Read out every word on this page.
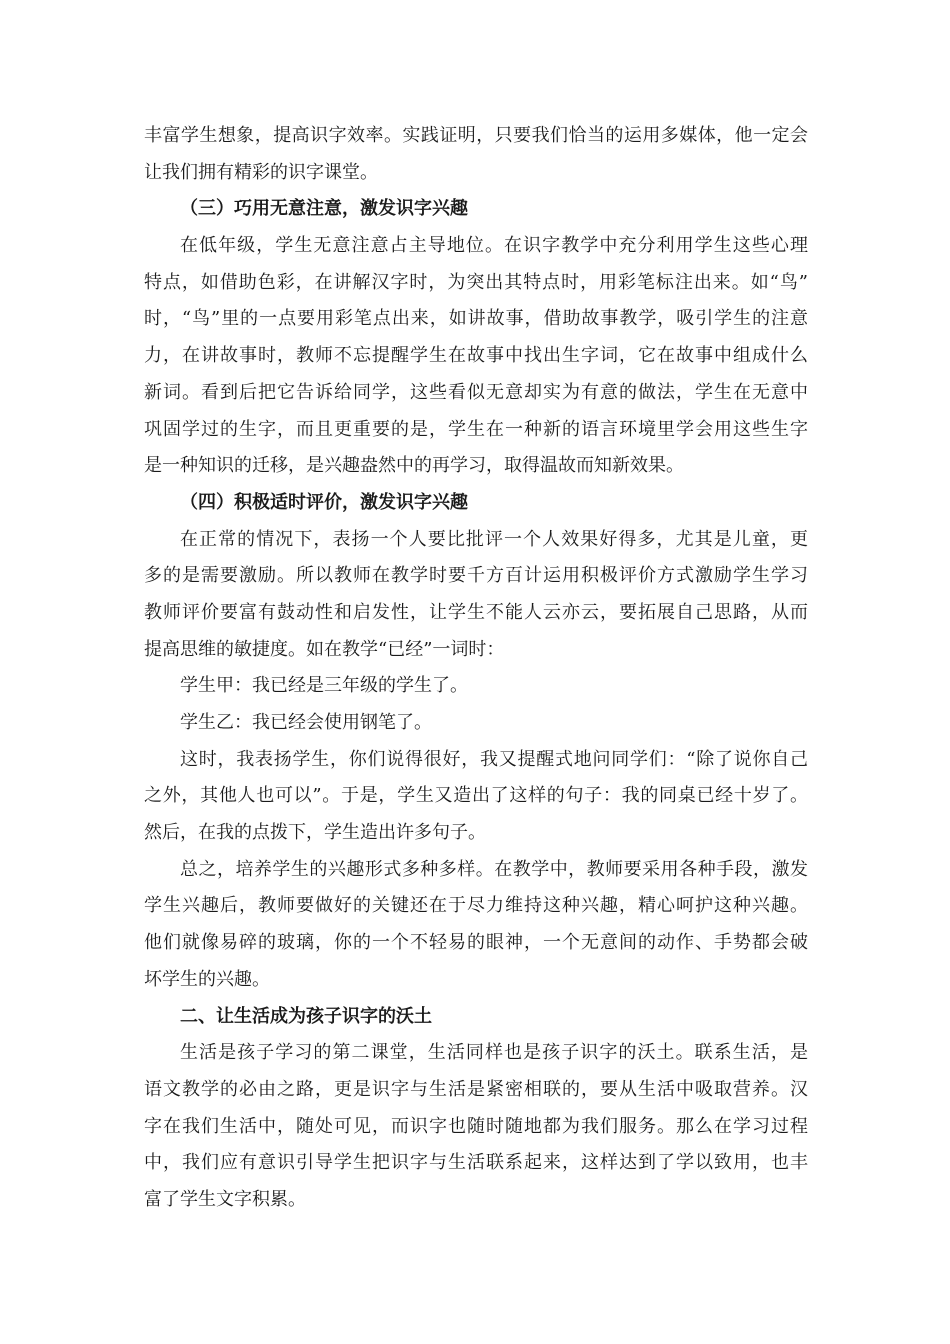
丰富学生想象，提高识字效率。实践证明，只要我们恰当的运用多媒体，他一定会
让我们拥有精彩的识字课堂。
（三）巧用无意注意，激发识字兴趣
在低年级，学生无意注意占主导地位。在识字教学中充分利用学生这些心理
特点，如借助色彩，在讲解汉字时，为突出其特点时，用彩笔标注出来。如“鸟”
时，“鸟”里的一点要用彩笔点出来，如讲故事，借助故事教学，吸引学生的注意
力，在讲故事时，教师不忘提醒学生在故事中找出生字词，它在故事中组成什么
新词。看到后把它告诉给同学，这些看似无意却实为有意的做法，学生在无意中
巩固学过的生字，而且更重要的是，学生在一种新的语言环境里学会用这些生字
是一种知识的迁移，是兴趣盎然中的再学习，取得温故而知新效果。
（四）积极适时评价，激发识字兴趣
在正常的情况下，表扬一个人要比批评一个人效果好得多，尤其是儿童，更
多的是需要激励。所以教师在教学时要千方百计运用积极评价方式激励学生学习
教师评价要富有鼓动性和启发性，让学生不能人云亦云，要拓展自己思路，从而
提高思维的敏捷度。如在教学“已经”一词时：
学生甲：我已经是三年级的学生了。
学生乙：我已经会使用钢笔了。
这时，我表扬学生，你们说得很好，我又提醒式地问同学们：“除了说你自己
之外，其他人也可以”。于是，学生又造出了这样的句子：我的同桌已经十岁了。
然后，在我的点拨下，学生造出许多句子。
总之，培养学生的兴趣形式多种多样。在教学中，教师要采用各种手段，激发
学生兴趣后，教师要做好的关键还在于尽力维持这种兴趣，精心呵护这种兴趣。
他们就像易碎的玻璃，你的一个不轻易的眼神，一个无意间的动作、手势都会破
坏学生的兴趣。
二、让生活成为孩子识字的沃土
生活是孩子学习的第二课堂，生活同样也是孩子识字的沃土。联系生活，是
语文教学的必由之路，更是识字与生活是紧密相联的，要从生活中吸取营养。汉
字在我们生活中，随处可见，而识字也随时随地都为我们服务。那么在学习过程
中，我们应有意识引导学生把识字与生活联系起来，这样达到了学以致用，也丰
富了学生文字积累。
